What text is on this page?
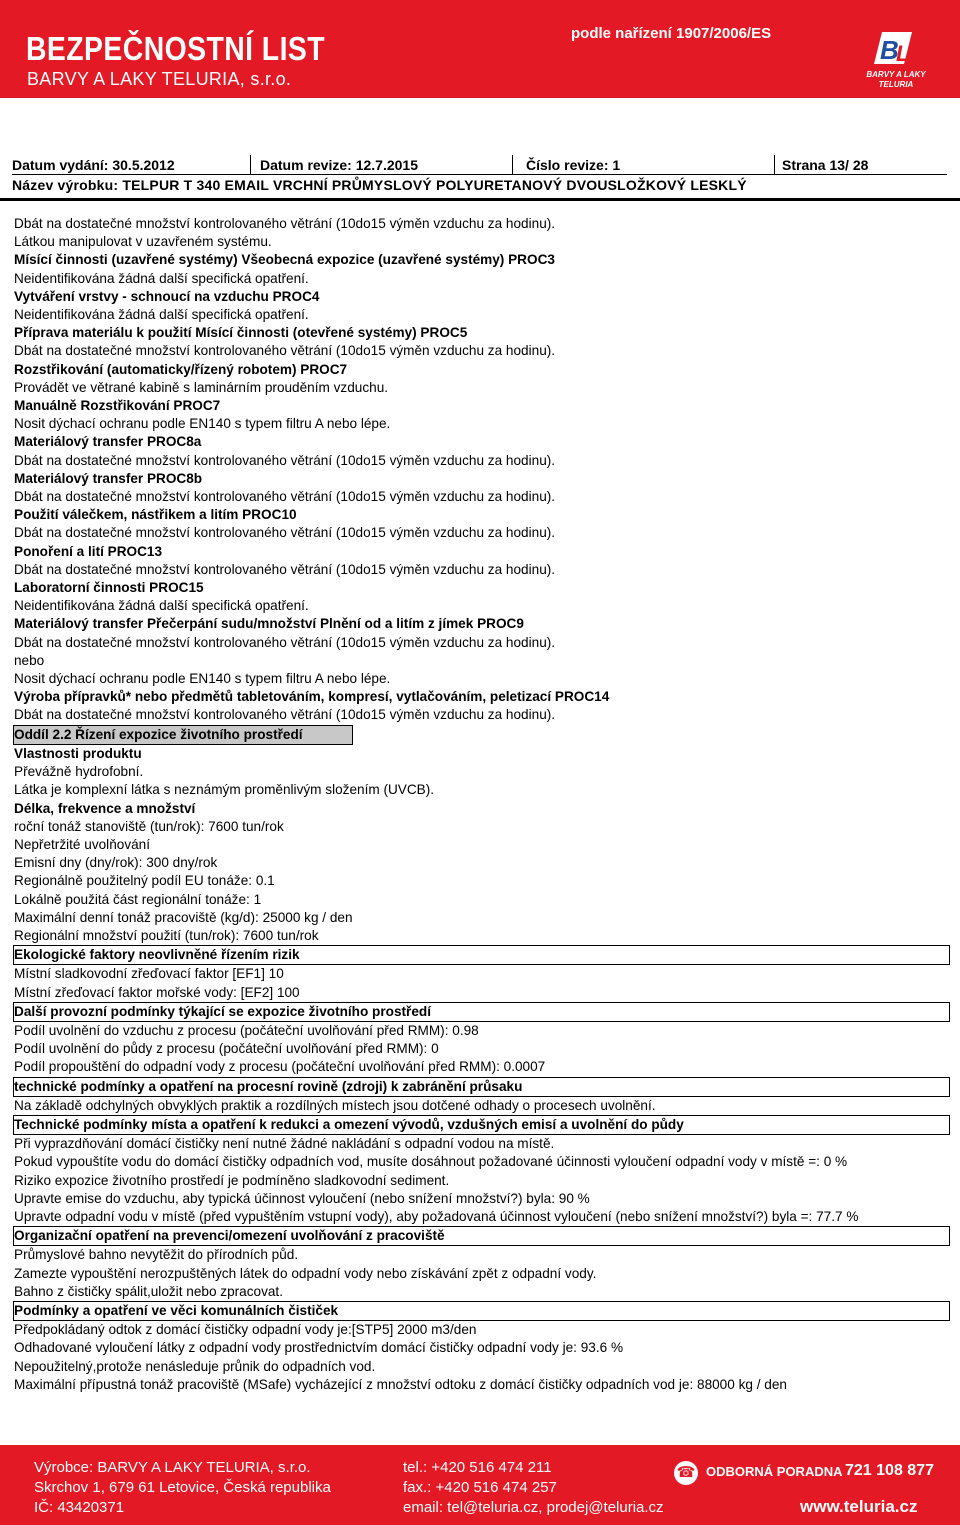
BEZPEČNOSTNÍ LIST
BARVY A LAKY TELURIA, s.r.o.
podle nařízení 1907/2006/ES
B
L
BARVY A LAKY
TELURIA
Datum vydání: 30.5.2012	Datum revize: 12.7.2015	Číslo revize: 1	Strana 13/ 28
Název výrobku: TELPUR T 340 EMAIL VRCHNÍ PRŮMYSLOVÝ POLYURETANOVÝ DVOUSLOŽKOVÝ LESKLÝ
Dbát na dostatečné množství kontrolovaného větrání (10do15 výměn vzduchu za hodinu).
Látkou manipulovat v uzavřeném systému.
Mísící činnosti (uzavřené systémy) Všeobecná expozice (uzavřené systémy) PROC3
Neidentifikována žádná další specifická opatření.
Vytváření vrstvy - schnoucí na vzduchu PROC4
Neidentifikována žádná další specifická opatření.
Příprava materiálu k použití Mísící činnosti (otevřené systémy) PROC5
Dbát na dostatečné množství kontrolovaného větrání (10do15 výměn vzduchu za hodinu).
Rozstřikování (automaticky/řízený robotem) PROC7
Provádět ve větrané kabině s laminárním prouděním vzduchu.
Manuálně Rozstřikování PROC7
Nosit dýchací ochranu podle EN140 s typem filtru A nebo lépe.
Materiálový transfer PROC8a
Dbát na dostatečné množství kontrolovaného větrání (10do15 výměn vzduchu za hodinu).
Materiálový transfer PROC8b
Dbát na dostatečné množství kontrolovaného větrání (10do15 výměn vzduchu za hodinu).
Použití válečkem, nástřikem a litím PROC10
Dbát na dostatečné množství kontrolovaného větrání (10do15 výměn vzduchu za hodinu).
Ponoření a lití PROC13
Dbát na dostatečné množství kontrolovaného větrání (10do15 výměn vzduchu za hodinu).
Laboratorní činnosti PROC15
Neidentifikována žádná další specifická opatření.
Materiálový transfer Přečerpání sudu/množství Plnění od a litím z jímek PROC9
Dbát na dostatečné množství kontrolovaného větrání (10do15 výměn vzduchu za hodinu).
nebo
Nosit dýchací ochranu podle EN140 s typem filtru A nebo lépe.
Výroba přípravků* nebo předmětů tabletováním, kompresí, vytlačováním, peletizací PROC14
Dbát na dostatečné množství kontrolovaného větrání (10do15 výměn vzduchu za hodinu).
Oddíl 2.2 Řízení expozice životního prostředí
Vlastnosti produktu
Převážně hydrofobní.
Látka je komplexní látka s neznámým proměnlivým složením (UVCB).
Délka, frekvence a množství
roční tonáž stanoviště (tun/rok): 7600 tun/rok
Nepřetržité uvolňování
Emisní dny (dny/rok): 300 dny/rok
Regionálně použitelný podíl EU tonáže: 0.1
Lokálně použitá část regionální tonáže: 1
Maximální denní tonáž pracoviště (kg/d): 25000 kg / den
Regionální množství použití (tun/rok): 7600 tun/rok
Ekologické faktory neovlivněné řízením rizik
Místní sladkovodní zřeďovací faktor [EF1] 10
Místní zřeďovací faktor mořské vody: [EF2] 100
Další provozní podmínky týkající se expozice životního prostředí
Podíl uvolnění do vzduchu z procesu (počáteční uvolňování před RMM): 0.98
Podíl uvolnění do půdy z procesu (počáteční uvolňování před RMM): 0
Podíl propouštění do odpadní vody z procesu (počáteční uvolňování před RMM): 0.0007
technické podmínky a opatření na procesní rovině (zdroji) k zabránění průsaku
Na základě odchylných obvyklých praktik a rozdílných místech jsou dotčené odhady o procesech uvolnění.
Technické podmínky místa a opatření k redukci a omezení vývodů, vzdušných emisí a uvolnění do půdy
Při vyprazdňování domácí čističky není nutné žádné nakládání s odpadní vodou na místě.
Pokud vypouštíte vodu do domácí čističky odpadních vod, musíte dosáhnout požadované účinnosti vyloučení odpadní vody v místě =: 0 %
Riziko expozice životního prostředí je podmíněno sladkovodní sediment.
Upravte emise do vzduchu, aby typická účinnost vyloučení (nebo snížení množství?) byla: 90 %
Upravte odpadní vodu v místě (před vypuštěním vstupní vody), aby požadovaná účinnost vyloučení (nebo snížení množství?) byla =: 77.7 %
Organizační opatření na prevenci/omezení uvolňování z pracoviště
Průmyslové bahno nevytěžit do přírodních půd.
Zamezte vypouštění nerozpuštěných látek do odpadní vody nebo získávání zpět z odpadní vody.
Bahno z čističky spálit,uložit nebo zpracovat.
Podmínky a opatření ve věci komunálních čističek
Předpokládaný odtok z domácí čističky odpadní vody je:[STP5] 2000 m3/den
Odhadované vyloučení látky z odpadní vody prostřednictvím domácí čističky odpadní vody je: 93.6 %
Nepoužitelný,protože nenásleduje průnik do odpadních vod.
Maximální přípustná tonáž pracoviště (MSafe) vycházející z množství odtoku z domácí čističky odpadních vod je: 88000 kg / den
Výrobce: BARVY A LAKY TELURIA, s.r.o.
Skrchov 1, 679 61 Letovice, Česká republika
IČ: 43420371
tel.: +420 516 474 211
fax.: +420 516 474 257
email: tel@teluria.cz, prodej@teluria.cz
☎ ODBORNÁ PORADNA 721 108 877
www.teluria.cz
